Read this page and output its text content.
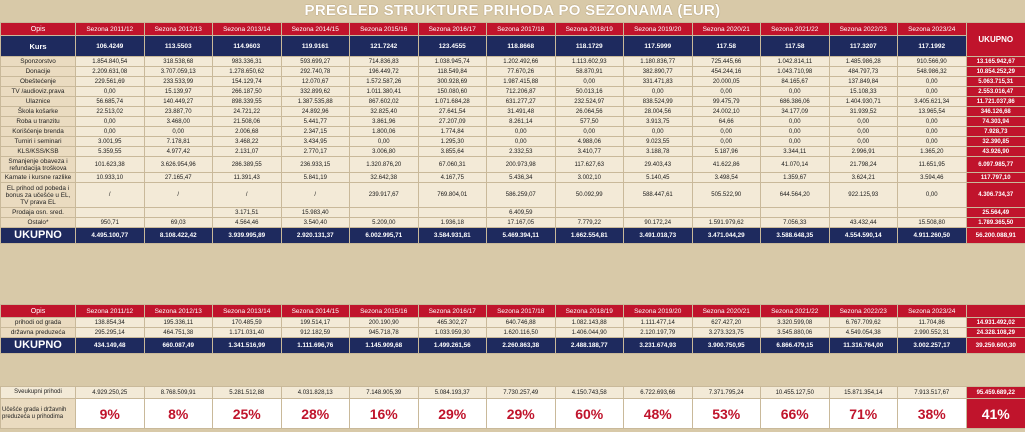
PREGLED STRUKTURE PRIHODA PO SEZONAMA (EUR)
Opis	Sezona 2011/12	Sezona 2012/13	Sezona 2013/14	Sezona 2014/15	Sezona 2015/16	Sezona 2016/17	Sezona 2017/18	Sezona 2018/19	Sezona 2019/20	Sezona 2020/21	Sezona 2021/22	Sezona 2022/23	Sezona 2023/24	UKUPNO
Kurs	106.4249	113.5503	114.9603	119.9161	121.7242	123.4555	118.8668	118.1729	117.5999	117.58	117.58	117.3207	117.1992	
Sponzorstvo	1.854.840,54	318.538,68	983.336,31	593.699,27	714.836,83	1.038.945,74	1.202.492,66	1.113.602,93	1.180.836,77	725.445,66	1.042.814,11	1.485.986,28	910.566,90	13.165.942,67
Donacije	2.209.631,08	3.707.059,13	1.278.650,62	292.740,78	196.449,72	118.549,84	77.670,26	58.870,91	382.890,77	454.244,16	1.043.710,98	484.797,73	548.986,32	10.854.252,29
Obeštećenje	229.561,69	233.533,99	154.129,74	12.070,67	1.572.587,26	300.928,69	1.987.415,88	0,00	331.471,83	20.000,05	84.165,67	137.849,84	0,00	5.063.715,31
TV /audioviz.prava	0,00	15.139,97	266.187,50	332.899,62	1.011.380,41	150.080,60	712.206,87	50.013,16	0,00	0,00	0,00	15.108,33	0,00	2.553.016,47
Ulaznice	56.685,74	140.449,27	898.339,55	1.387.535,88	867.602,02	1.071.684,28	631.277,27	232.524,97	838.524,99	99.475,79	686.386,06	1.404.930,71	3.405.621,34	11.721.037,86
Škola košarke	22.513,02	23.887,70	24.721,22	24.892,96	32.825,40	27.641,54	31.491,48	26.064,56	28.004,56	24.002,10	34.177,09	31.939,52	13.965,54	346.126,68
Roba u tranzitu	0,00	3.468,00	21.508,06	5.441,77	3.861,96	27.207,09	8.261,14	577,50	3.913,75	64,66	0,00	0,00	0,00	74.303,94
Korišćenje brenda	0,00	0,00	2.006,68	2.347,15	1.800,06	1.774,84	0,00	0,00	0,00	0,00	0,00	0,00	0,00	7.928,73
Turniri i seminari	3.001,95	7.178,81	3.468,22	3.434,95	0,00	1.295,30	0,00	4.988,06	9.023,55	0,00	0,00	0,00	0,00	32.390,85
KLS/KSS/KSB	5.359,55	4.977,42	2.131,07	2.770,17	3.006,80	3.855,64	2.332,53	3.410,77	3.188,78	5.187,96	3.344,11	2.996,91	1.365,20	43.926,90
Smanjenje obaveza i refundacija troškova	101.623,38	3.626.954,96	286.389,55	236.933,15	1.320.876,20	67.060,31	200.973,98	117.627,63	29.403,43	41.622,86	41.070,14	21.798,24	11.651,95	6.097.985,77
Kamate i kursne razlike	10.933,10	27.165,47	11.391,43	5.841,19	32.642,38	4.167,75	5.436,34	3.002,10	5.140,45	3.498,54	1.359,67	3.624,21	3.594,46	117.797,10
EL prihod od pobeda i bonus za učešće u EL, TV prava EL	/	/	/	/	239.917,67	769.804,01	586.259,07	50.092,99	588.447,61	505.522,90	644.564,20	922.125,93	0,00	4.306.734,37
Prodaja osn. sred.			3.171,51	15.983,40			6.409,59							25.564,49
Ostalo*	950,71	69,03	4.564,46	3.540,40	5.209,00	1.936,18	17.167,05	7.779,22	90.172,24	1.591.979,62	7.056,33	43.432,44	15.508,80	1.789.365,50
UKUPNO	4.495.100,77	8.108.422,42	3.939.995,89	2.920.131,37	6.002.995,71	3.584.931,81	5.469.394,11	1.662.554,81	3.491.018,73	3.471.044,29	3.588.648,35	4.554.590,14	4.911.260,50	56.200.088,91
Opis	Sezona 2011/12	Sezona 2012/13	Sezona 2013/14	Sezona 2014/15	Sezona 2015/16	Sezona 2016/17	Sezona 2017/18	Sezona 2018/19	Sezona 2019/20	Sezona 2020/21	Sezona 2021/22	Sezona 2022/23	Sezona 2023/24	
prihodi od grada	138.854,34	195.336,11	170.485,59	199.514,17	200.190,90	465.302,27	640.746,88	1.082.143,88	1.111.477,14	627.427,20	3.320.599,08	6.767.709,62	11.704,86	14.931.492,02
državna preduzeća	295.295,14	464.751,38	1.171.031,40	912.182,59	945.718,78	1.033.959,30	1.620.116,50	1.406.044,90	2.120.197,79	3.273.323,75	3.545.880,06	4.549.054,38	2.990.552,31	24.328.108,29
UKUPNO	434.149,48	660.087,49	1.341.516,99	1.111.696,76	1.145.909,68	1.499.261,56	2.260.863,38	2.488.188,77	3.231.674,93	3.900.750,95	6.866.479,15	11.316.764,00	3.002.257,17	39.259.600,30
Sveukupni prihodi	4.929.250,25	8.768.509,91	5.281.512,88	4.031.828,13	7.148.905,39	5.084.193,37	7.730.257,49	4.150.743,58	6.722.693,66	7.371.795,24	10.455.127,50	15.871.354,14	7.913.517,67	95.459.689,22
Učešće grada i državnih preduzeća u prihodima	9%	8%	25%	28%	16%	29%	29%	60%	48%	53%	66%	71%	38%	41%
